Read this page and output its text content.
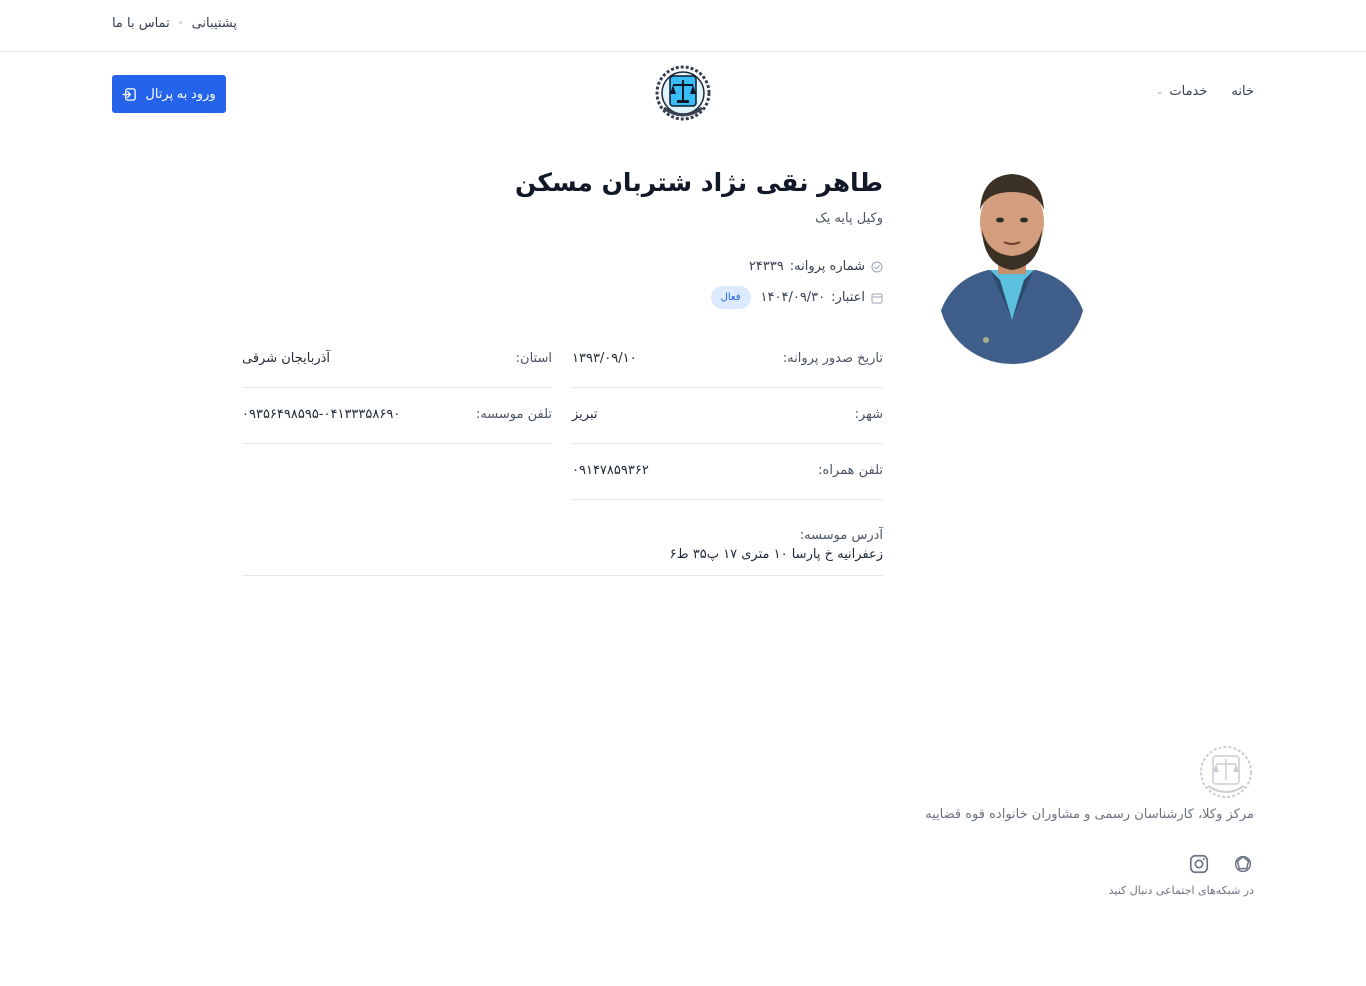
پشتیبانی
•
تماس با ما
خانه
خدمات
⌄
ورود به پرتال
طاهر نقی نژاد شتربان مسکن
وکیل پایه یک
شماره پروانه:
۲۴۳۳۹
اعتبار:
۱۴۰۴/۰۹/۳۰
فعال
تاریخ صدور پروانه:
۱۳۹۳/۰۹/۱۰
استان:
آذربایجان شرقی
شهر:
تبریز
تلفن موسسه:
۰۹۳۵۶۴۹۸۵۹۵-۰۴۱۳۳۳۵۸۶۹۰
تلفن همراه:
۰۹۱۴۷۸۵۹۳۶۲
آدرس موسسه:
زعفرانیه خ پارسا ۱۰ متری ۱۷ پ۳۵ ط۶
مرکز وکلا، کارشناسان رسمی و مشاوران خانواده قوه قضاییه
در شبکه‌های اجتماعی دنبال کنید
